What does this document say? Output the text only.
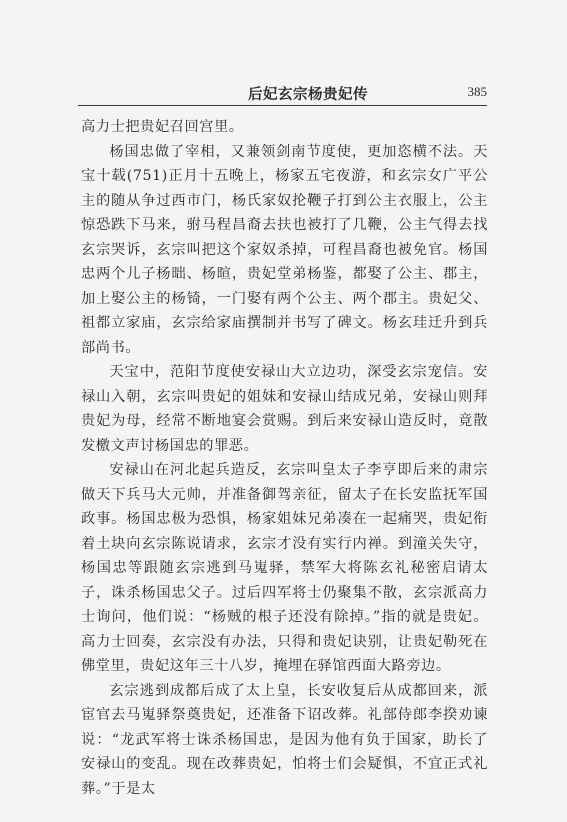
后妃玄宗杨贵妃传	385

高力士把贵妃召回宫里。

杨国忠做了宰相，又兼领剑南节度使，更加恣横不法。天宝十载(751)正月十五晚上，杨家五宅夜游，和玄宗女广平公主的随从争过西市门，杨氏家奴抡鞭子打到公主衣服上，公主惊恐跌下马来，驸马程昌裔去扶也被打了几鞭，公主气得去找玄宗哭诉，玄宗叫把这个家奴杀掉，可程昌裔也被免官。杨国忠两个儿子杨昢、杨暄，贵妃堂弟杨鉴，都娶了公主、郡主，加上娶公主的杨锜，一门娶有两个公主、两个郡主。贵妃父、祖都立家庙，玄宗给家庙撰制并书写了碑文。杨玄珪迁升到兵部尚书。

天宝中，范阳节度使安禄山大立边功，深受玄宗宠信。安禄山入朝，玄宗叫贵妃的姐妹和安禄山结成兄弟，安禄山则拜贵妃为母，经常不断地宴会赏赐。到后来安禄山造反时，竟散发檄文声讨杨国忠的罪恶。

安禄山在河北起兵造反，玄宗叫皇太子李亨即后来的肃宗做天下兵马大元帅，并准备御驾亲征，留太子在长安监抚军国政事。杨国忠极为恐惧，杨家姐妹兄弟凑在一起痛哭，贵妃衔着土块向玄宗陈说请求，玄宗才没有实行内禅。到潼关失守，杨国忠等跟随玄宗逃到马嵬驿，禁军大将陈玄礼秘密启请太子，诛杀杨国忠父子。过后四军将士仍聚集不散，玄宗派高力士询问，他们说：“杨贼的根子还没有除掉。”指的就是贵妃。高力士回奏，玄宗没有办法，只得和贵妃诀别，让贵妃勒死在佛堂里，贵妃这年三十八岁，掩埋在驿馆西面大路旁边。

玄宗逃到成都后成了太上皇，长安收复后从成都回来，派宦官去马嵬驿祭奠贵妃，还准备下诏改葬。礼部侍郎李揆劝谏说：“龙武军将士诛杀杨国忠，是因为他有负于国家，助长了安禄山的变乱。现在改葬贵妃，怕将士们会疑惧，不宜正式礼葬。”于是太
